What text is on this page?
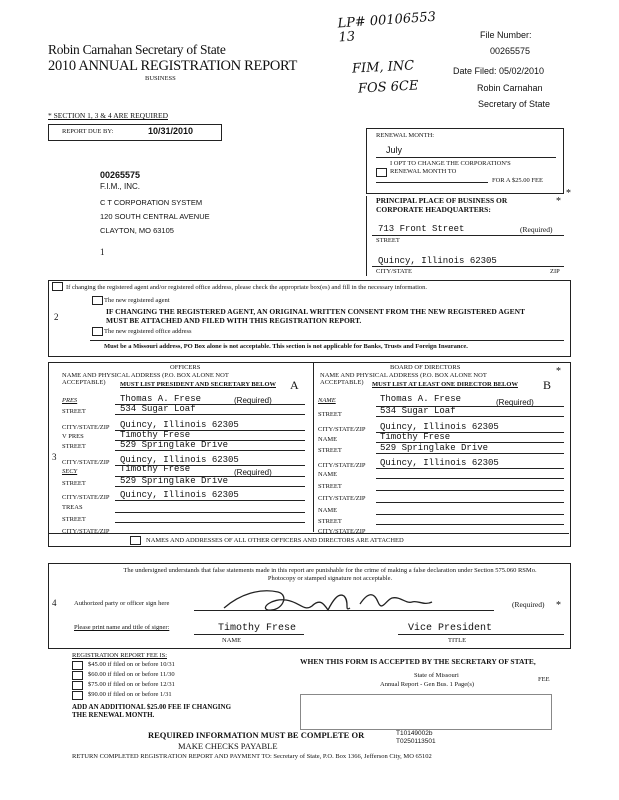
Robin Carnahan Secretary of State
2010 ANNUAL REGISTRATION REPORT
BUSINESS
LP# 00106553 13
FIM, INC
FOS 6CE
File Number:
00265575
Date Filed: 05/02/2010
Robin Carnahan
Secretary of State
* SECTION 1, 3 & 4 ARE REQUIRED
REPORT DUE BY:	10/31/2010
00265575
F.I.M., INC.
C T CORPORATION SYSTEM
120 SOUTH CENTRAL AVENUE
CLAYTON, MO 63105
RENEWAL MONTH:
July
I OPT TO CHANGE THE CORPORATION'S RENEWAL MONTH TO
FOR A $25.00 FEE
*
PRINCIPAL PLACE OF BUSINESS OR CORPORATE HEADQUARTERS:
*
713 Front Street	(Required)
STREET
Quincy, Illinois 62305
CITY/STATE	ZIP
1
If changing the registered agent and/or registered office address, please check the appropriate box(es) and fill in the necessary information.
The new registered agent
IF CHANGING THE REGISTERED AGENT, AN ORIGINAL WRITTEN CONSENT FROM THE NEW REGISTERED AGENT MUST BE ATTACHED AND FILED WITH THIS REGISTRATION REPORT.
2
The new registered office address
Must be a Missouri address, PO Box alone is not acceptable. This section is not applicable for Banks, Trusts and Foreign Insurance.
3
*
OFFICERS
NAME AND PHYSICAL ADDRESS (P.O. BOX ALONE NOT ACCEPTABLE)	MUST LIST PRESIDENT AND SECRETARY BELOW A
PRES	Thomas A. Frese	(Required)
STREET	534 Sugar Loaf
CITY/STATE/ZIP Quincy, Illinois 62305
V PRES	Timothy Frese
STREET	529 Springlake Drive
CITY/STATE/ZIP Quincy, Illinois 62305
SECY	Timothy Frese	(Required)
STREET	529 Springlake Drive
CITY/STATE/ZIP Quincy, Illinois 62305
TREAS
STREET
CITY/STATE/ZIP
BOARD OF DIRECTORS
NAME AND PHYSICAL ADDRESS (P.O. BOX ALONE NOT ACCEPTABLE)	MUST LIST AT LEAST ONE DIRECTOR BELOW B
NAME	Thomas A. Frese	(Required)
STREET	534 Sugar Loaf
CITY/STATE/ZIP Quincy, Illinois 62305
NAME	Timothy Frese
STREET	529 Springlake Drive
CITY/STATE/ZIP Quincy, Illinois 62305
NAME
STREET
CITY/STATE/ZIP
NAME
STREET
CITY/STATE/ZIP
NAMES AND ADDRESSES OF ALL OTHER OFFICERS AND DIRECTORS ARE ATTACHED
The undersigned understands that false statements made in this report are punishable for the crime of making a false declaration under Section 575.060 RSMo. Photocopy or stamped signature not acceptable.
4	Authorized party or officer sign here	(Required)
Please print name and title of signer:	Timothy Frese
*
Vice President
NAME	TITLE
REGISTRATION REPORT FEE IS:
$45.00 if filed on or before 10/31
$60.00 if filed on or before 11/30
$75.00 if filed on or before 12/31
$90.00 if filed on or before 1/31
ADD AN ADDITIONAL $25.00 FEE IF CHANGING THE RENEWAL MONTH.
WHEN THIS FORM IS ACCEPTED BY THE SECRETARY OF STATE,
State of Missouri
Annual Report - Gen Bus. 1 Page(s)
FEE
T10149002b
T0250113501
REQUIRED INFORMATION MUST BE COMPLETE OR
MAKE CHECKS PAYABLE
RETURN COMPLETED REGISTRATION REPORT AND PAYMENT TO: Secretary of State, P.O. Box 1366, Jefferson City, MO 65102
